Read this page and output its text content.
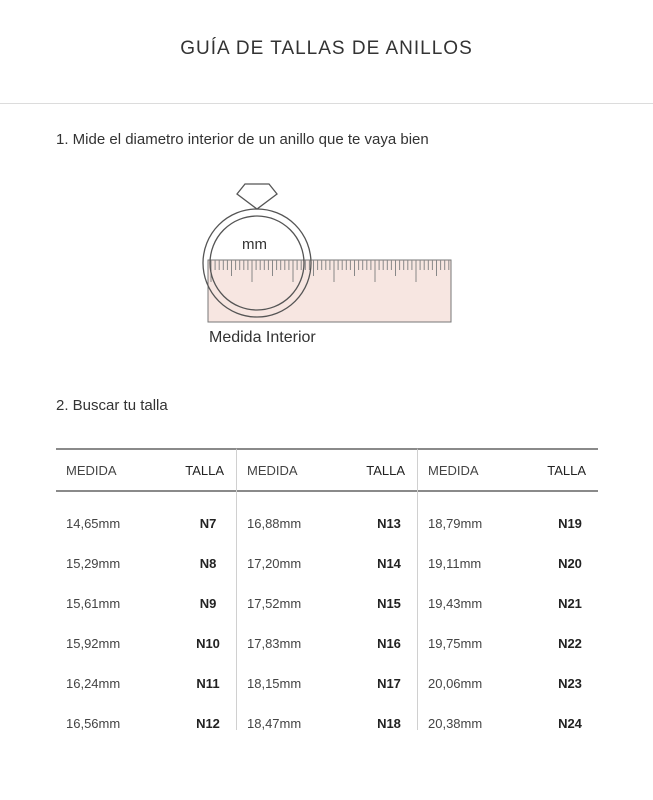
GUÍA DE TALLAS DE ANILLOS
1. Mide el diametro interior de un anillo que te vaya bien
mm
Medida Interior
2. Buscar tu talla
MEDIDA	TALLA
14,65mm	N7
15,29mm	N8
15,61mm	N9
15,92mm	N10
16,24mm	N11
16,56mm	N12
MEDIDA	TALLA
16,88mm	N13
17,20mm	N14
17,52mm	N15
17,83mm	N16
18,15mm	N17
18,47mm	N18
MEDIDA	TALLA
18,79mm	N19
19,11mm	N20
19,43mm	N21
19,75mm	N22
20,06mm	N23
20,38mm	N24
